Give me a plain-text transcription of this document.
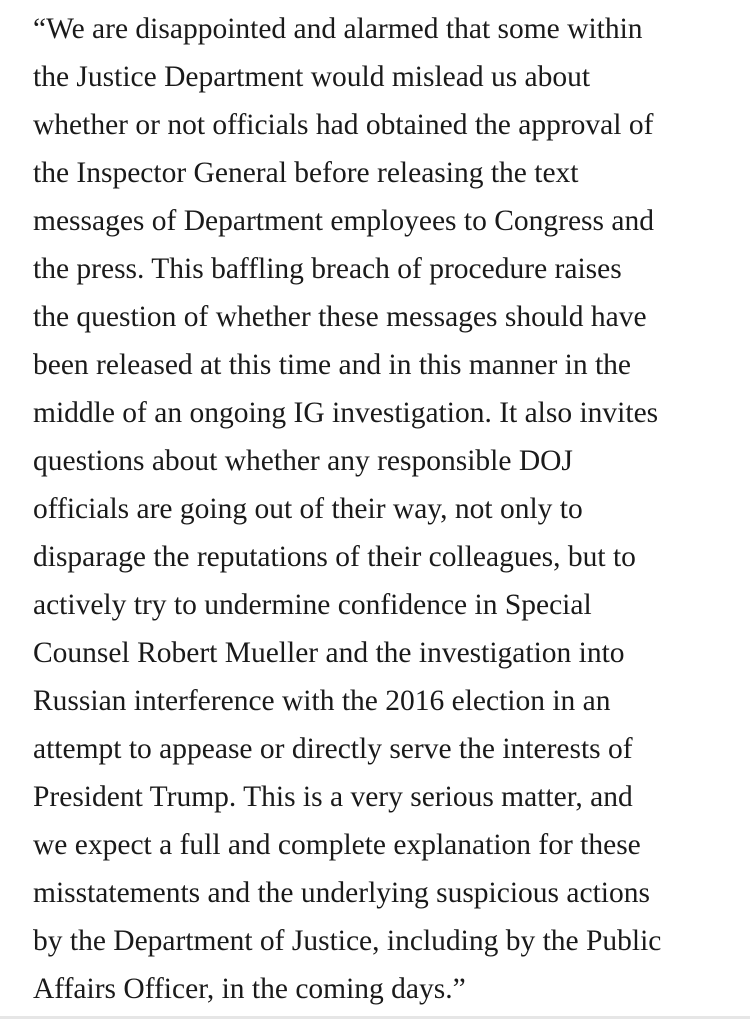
“We are disappointed and alarmed that some within
the Justice Department would mislead us about
whether or not officials had obtained the approval of
the Inspector General before releasing the text
messages of Department employees to Congress and
the press. This baffling breach of procedure raises
the question of whether these messages should have
been released at this time and in this manner in the
middle of an ongoing IG investigation. It also invites
questions about whether any responsible DOJ
officials are going out of their way, not only to
disparage the reputations of their colleagues, but to
actively try to undermine confidence in Special
Counsel Robert Mueller and the investigation into
Russian interference with the 2016 election in an
attempt to appease or directly serve the interests of
President Trump. This is a very serious matter, and
we expect a full and complete explanation for these
misstatements and the underlying suspicious actions
by the Department of Justice, including by the Public
Affairs Officer, in the coming days.”
